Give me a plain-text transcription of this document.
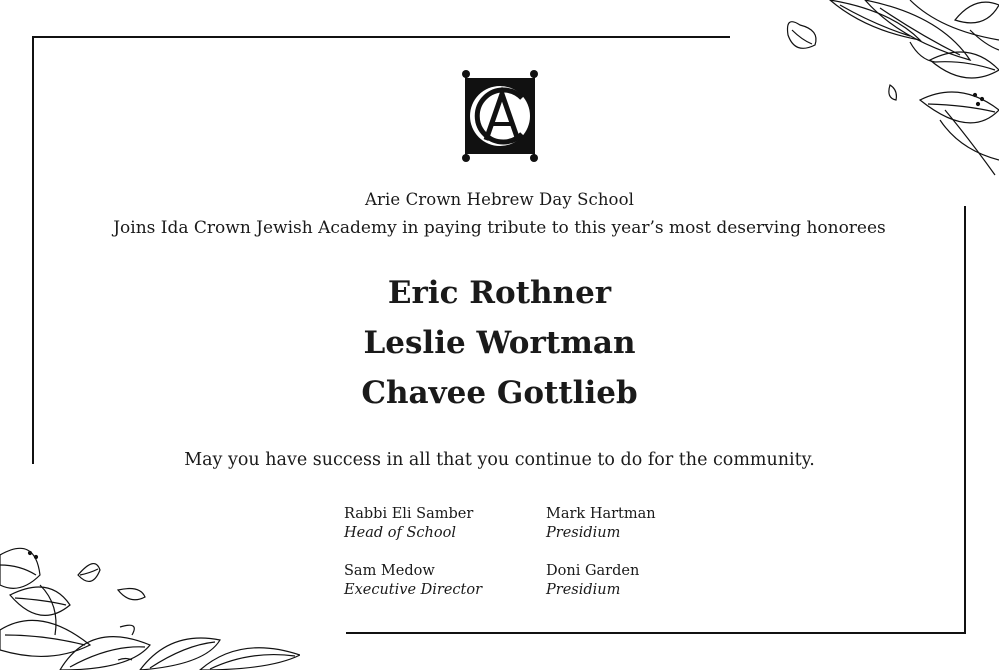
Arie Crown Hebrew Day School
Joins Ida Crown Jewish Academy in paying tribute to this year’s most deserving honorees
Eric Rothner
Leslie Wortman
Chavee Gottlieb
May you have success in all that you continue to do for the community.
Rabbi Eli Samber
Head of School
Mark Hartman
Presidium
Sam Medow
Executive Director
Doni Garden
Presidium
